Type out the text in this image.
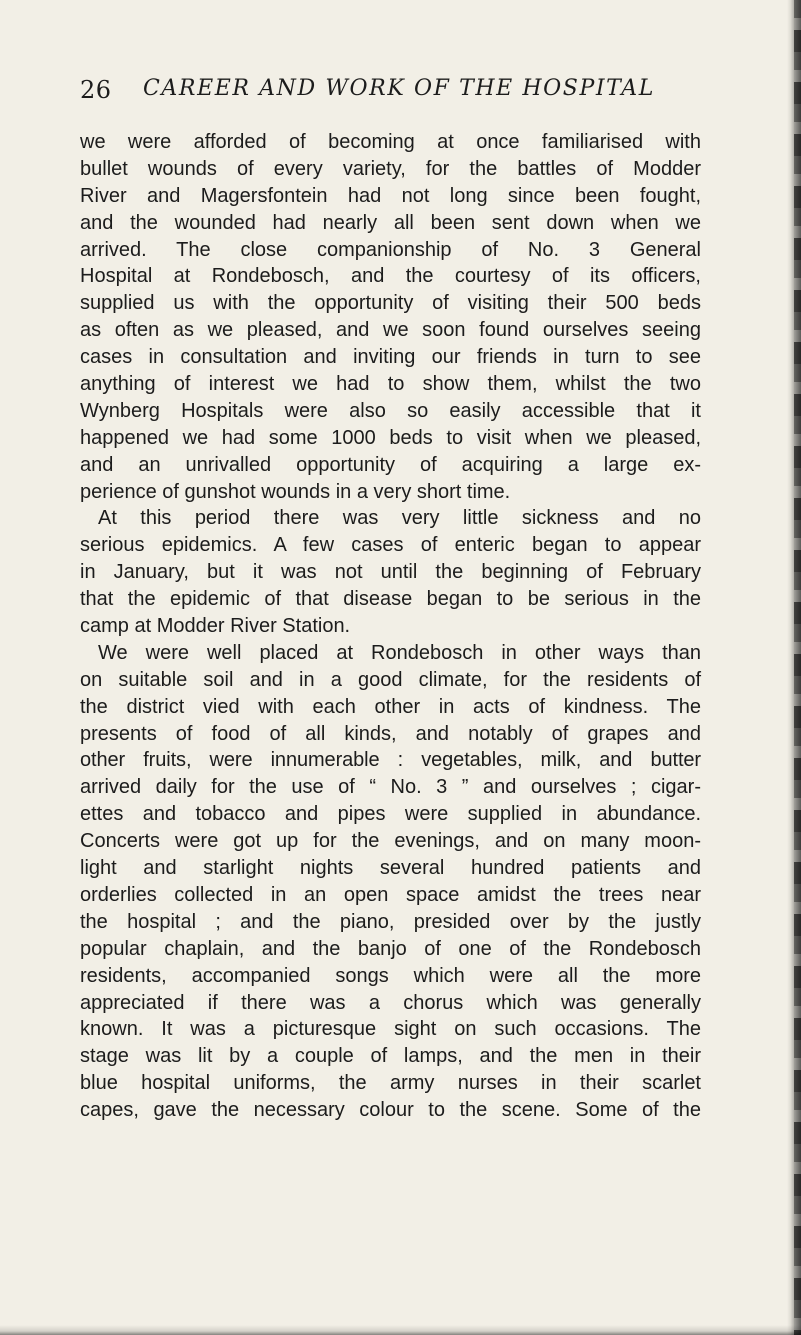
26 CAREER AND WORK OF THE HOSPITAL
we were afforded of becoming at once familiarised with
bullet wounds of every variety, for the battles of Modder
River and Magersfontein had not long since been fought,
and the wounded had nearly all been sent down when we
arrived. The close companionship of No. 3 General
Hospital at Rondebosch, and the courtesy of its officers,
supplied us with the opportunity of visiting their 500 beds
as often as we pleased, and we soon found ourselves seeing
cases in consultation and inviting our friends in turn to see
anything of interest we had to show them, whilst the two
Wynberg Hospitals were also so easily accessible that it
happened we had some 1000 beds to visit when we pleased,
and an unrivalled opportunity of acquiring a large ex-
perience of gunshot wounds in a very short time.
At this period there was very little sickness and no
serious epidemics. A few cases of enteric began to appear
in January, but it was not until the beginning of February
that the epidemic of that disease began to be serious in the
camp at Modder River Station.
We were well placed at Rondebosch in other ways than
on suitable soil and in a good climate, for the residents of
the district vied with each other in acts of kindness. The
presents of food of all kinds, and notably of grapes and
other fruits, were innumerable : vegetables, milk, and butter
arrived daily for the use of “ No. 3 ” and ourselves ; cigar-
ettes and tobacco and pipes were supplied in abundance.
Concerts were got up for the evenings, and on many moon-
light and starlight nights several hundred patients and
orderlies collected in an open space amidst the trees near
the hospital ; and the piano, presided over by the justly
popular chaplain, and the banjo of one of the Rondebosch
residents, accompanied songs which were all the more
appreciated if there was a chorus which was generally
known. It was a picturesque sight on such occasions. The
stage was lit by a couple of lamps, and the men in their
blue hospital uniforms, the army nurses in their scarlet
capes, gave the necessary colour to the scene. Some of the
